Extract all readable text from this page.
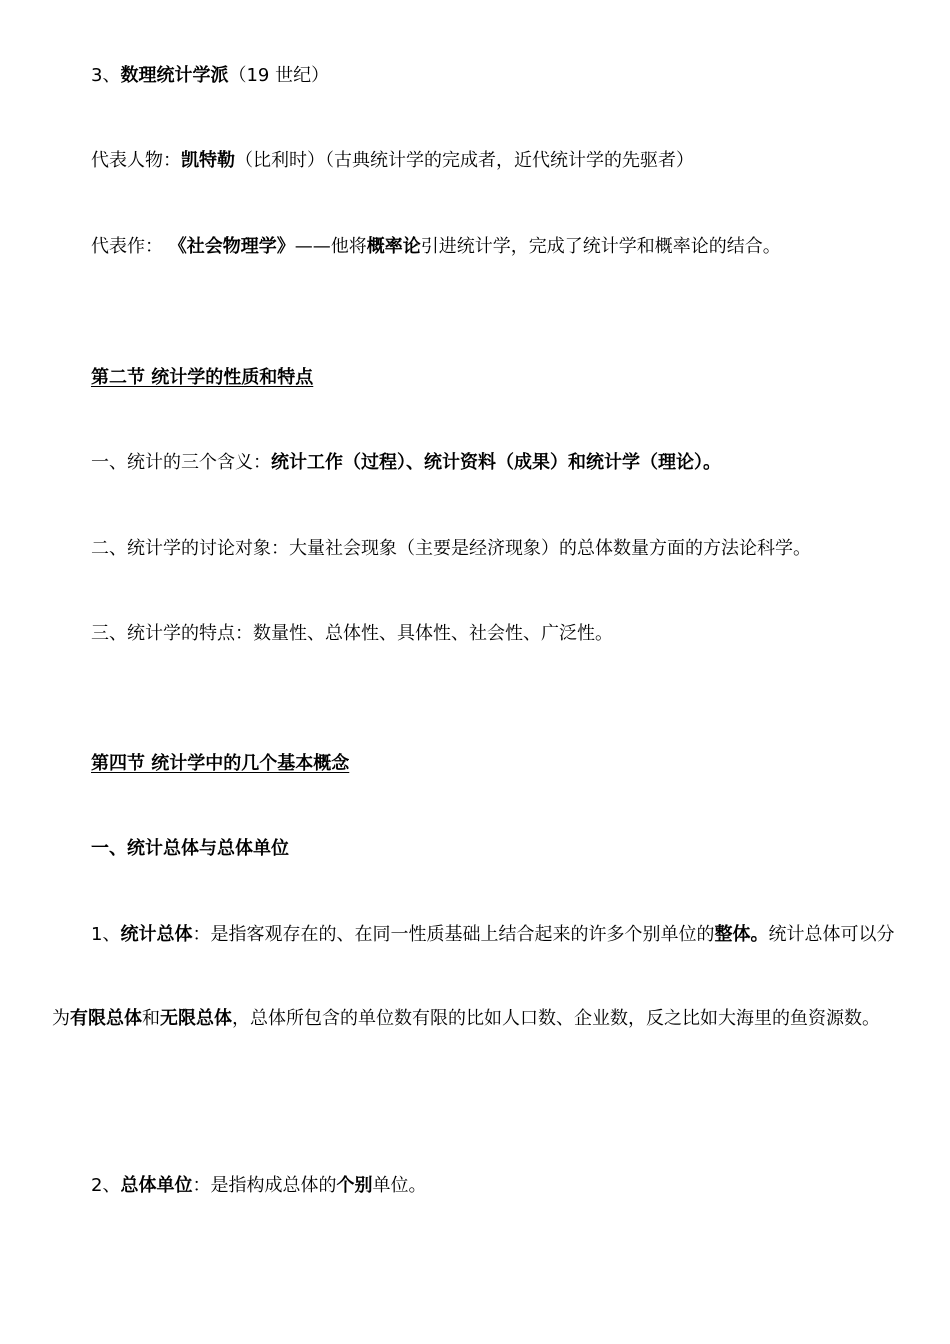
3、数理统计学派（19 世纪）
代表人物：凯特勒（比利时）（古典统计学的完成者，近代统计学的先驱者）
代表作： 《社会物理学》——他将概率论引进统计学，完成了统计学和概率论的结合。
第二节 统计学的性质和特点
一、统计的三个含义：统计工作（过程）、统计资料（成果）和统计学（理论）。
二、统计学的讨论对象：大量社会现象（主要是经济现象）的总体数量方面的方法论科学。
三、统计学的特点：数量性、总体性、具体性、社会性、广泛性。
第四节 统计学中的几个基本概念
一、统计总体与总体单位

1、统计总体：是指客观存在的、在同一性质基础上结合起来的许多个别单位的整体。统计总体可以分为有限总体和无限总体，总体所包含的单位数有限的比如人口数、企业数，反之比如大海里的鱼资源数。

2、总体单位：是指构成总体的个别单位。
